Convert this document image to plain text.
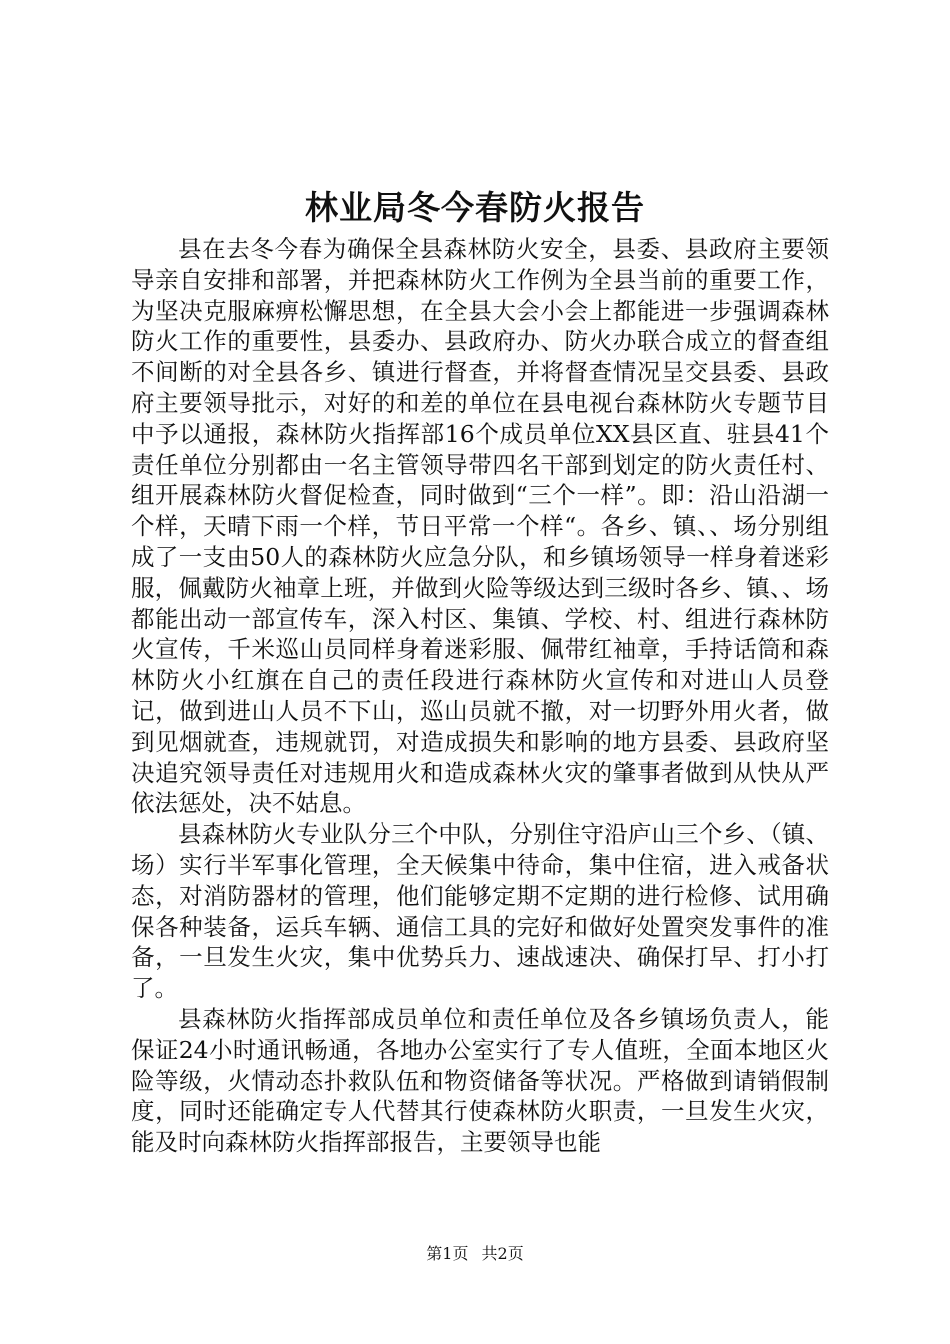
林业局冬今春防火报告

县在去冬今春为确保全县森林防火安全，县委、县政府主要领导亲自安排和部署，并把森林防火工作例为全县当前的重要工作，为坚决克服麻痹松懈思想，在全县大会小会上都能进一步强调森林防火工作的重要性，县委办、县政府办、防火办联合成立的督查组不间断的对全县各乡、镇进行督查，并将督查情况呈交县委、县政府主要领导批示，对好的和差的单位在县电视台森林防火专题节目中予以通报，森林防火指挥部16个成员单位XX县区直、驻县41个责任单位分别都由一名主管领导带四名干部到划定的防火责任村、组开展森林防火督促检查，同时做到“三个一样”。即：沿山沿湖一个样，天晴下雨一个样，节日平常一个样“。各乡、镇、、场分别组成了一支由50人的森林防火应急分队，和乡镇场领导一样身着迷彩服，佩戴防火袖章上班，并做到火险等级达到三级时各乡、镇、、场都能出动一部宣传车，深入村区、集镇、学校、村、组进行森林防火宣传，千米巡山员同样身着迷彩服、佩带红袖章，手持话筒和森林防火小红旗在自己的责任段进行森林防火宣传和对进山人员登记，做到进山人员不下山，巡山员就不撤，对一切野外用火者，做到见烟就查，违规就罚，对造成损失和影响的地方县委、县政府坚决追究领导责任对违规用火和造成森林火灾的肇事者做到从快从严依法惩处，决不姑息。

县森林防火专业队分三个中队，分别住守沿庐山三个乡、（镇、场）实行半军事化管理，全天候集中待命，集中住宿，进入戒备状态，对消防器材的管理，他们能够定期不定期的进行检修、试用确保各种装备，运兵车辆、通信工具的完好和做好处置突发事件的准备，一旦发生火灾，集中优势兵力、速战速决、确保打早、打小打了。

县森林防火指挥部成员单位和责任单位及各乡镇场负责人，能保证24小时通讯畅通，各地办公室实行了专人值班，全面本地区火险等级，火情动态扑救队伍和物资储备等状况。严格做到请销假制度，同时还能确定专人代替其行使森林防火职责，一旦发生火灾，能及时向森林防火指挥部报告，主要领导也能

第1页 共2页
